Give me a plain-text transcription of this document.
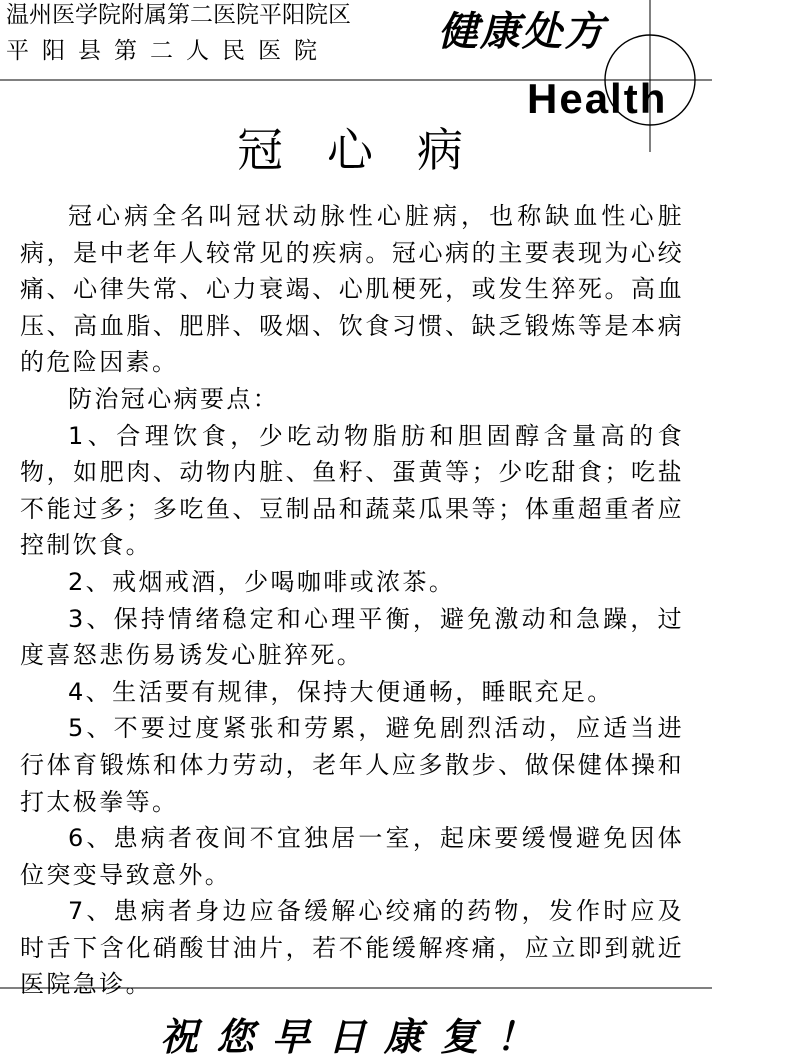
温州医学院附属第二医院平阳院区
平阳县第二人民医院	健康处方
Health
冠心病

冠心病全名叫冠状动脉性心脏病，也称缺血性心脏病，是中老年人较常见的疾病。冠心病的主要表现为心绞痛、心律失常、心力衰竭、心肌梗死，或发生猝死。高血压、高血脂、肥胖、吸烟、饮食习惯、缺乏锻炼等是本病的危险因素。

防治冠心病要点：

1、合理饮食，少吃动物脂肪和胆固醇含量高的食物，如肥肉、动物内脏、鱼籽、蛋黄等；少吃甜食；吃盐不能过多；多吃鱼、豆制品和蔬菜瓜果等；体重超重者应控制饮食。

2、戒烟戒酒，少喝咖啡或浓茶。

3、保持情绪稳定和心理平衡，避免激动和急躁，过度喜怒悲伤易诱发心脏猝死。

4、生活要有规律，保持大便通畅，睡眠充足。

5、不要过度紧张和劳累，避免剧烈活动，应适当进行体育锻炼和体力劳动，老年人应多散步、做保健体操和打太极拳等。

6、患病者夜间不宜独居一室，起床要缓慢避免因体位突变导致意外。

7、患病者身边应备缓解心绞痛的药物，发作时应及时舌下含化硝酸甘油片，若不能缓解疼痛，应立即到就近医院急诊。

祝您早日康复！
